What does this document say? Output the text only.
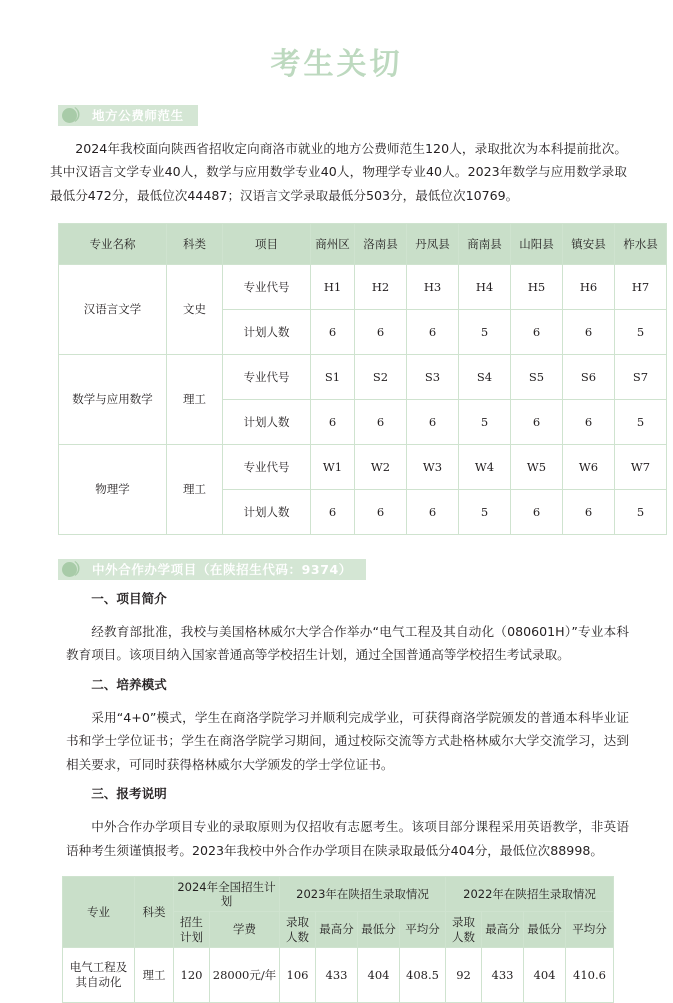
考生关切
） 地方公费师范生

2024年我校面向陕西省招收定向商洛市就业的地方公费师范生120人，录取批次为本科提前批次。其中汉语言文学专业40人，数学与应用数学专业40人，物理学专业40人。2023年数学与应用数学录取最低分472分，最低位次44487；汉语言文学录取最低分503分，最低位次10769。

专业名称	科类	项目	商州区	洛南县	丹凤县	商南县	山阳县	镇安县	柞水县
汉语言文学	文史	专业代号	H1	H2	H3	H4	H5	H6	H7
		计划人数	6	6	6	5	6	6	5
数学与应用数学	理工	专业代号	S1	S2	S3	S4	S5	S6	S7
		计划人数	6	6	6	5	6	6	5
物理学	理工	专业代号	W1	W2	W3	W4	W5	W6	W7
		计划人数	6	6	6	5	6	6	5
） 中外合作办学项目（在陕招生代码：9374）

一、项目简介

经教育部批准，我校与美国格林威尔大学合作举办“电气工程及其自动化（080601H）”专业本科教育项目。该项目纳入国家普通高等学校招生计划，通过全国普通高等学校招生考试录取。

二、培养模式

采用“4+0”模式，学生在商洛学院学习并顺利完成学业，可获得商洛学院颁发的普通本科毕业证书和学士学位证书；学生在商洛学院学习期间，通过校际交流等方式赴格林威尔大学交流学习，达到相关要求，可同时获得格林威尔大学颁发的学士学位证书。

三、报考说明

中外合作办学项目专业的录取原则为仅招收有志愿考生。该项目部分课程采用英语教学，非英语语种考生须谨慎报考。2023年我校中外合作办学项目在陕录取最低分404分，最低位次88998。

专业	科类	2024年全国招生计划		2023年在陕招生录取情况				2022年在陕招生录取情况			
		招生计划	学费	录取人数	最高分	最低分	平均分	录取人数	最高分	最低分	平均分
电气工程及其自动化	理工	120	28000元/年	106	433	404	408.5	92	433	404	410.6
